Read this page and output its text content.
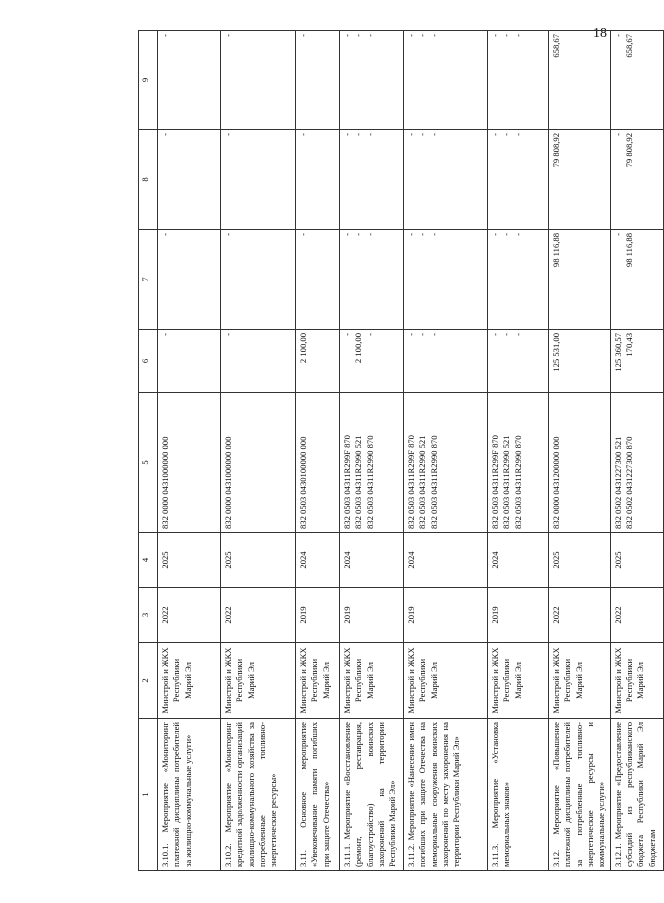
18
1	2	3	4	5	6	7	8	9
3.10.1. Мероприятие «Мониторинг платежной дисциплины потребителей за жилищно-коммунальные услуги»	Минстрой и ЖКХ Республики Марий Эл	2022	2025	832 0000 0431000000 000	-	-	-	-

3.10.2. Мероприятие «Мониторинг кредитной задолженности организаций жилищно-коммунального хозяйства за потребленные топливно-энергетические ресурсы»	Минстрой и ЖКХ Республики Марий Эл	2022	2025	832 0000 0431000000 000	-	-	-	-

3.11. Основное мероприятие «Увековечивание памяти погибших при защите Отечества»	Минстрой и ЖКХ Республики Марий Эл	2019	2024	832 0503 0430100000 000	2 100,00	-	-	-

3.11.1. Мероприятие «Восстановление (ремонт, реставрация, благоустройство) воинских захоронений на территории Республики Марий Эл»	Минстрой и ЖКХ Республики Марий Эл	2019	2024	832 0503 04311R299F 870 832 0503 04311R2990 521 832 0503 04311R2990 870	- 2 100,00 -	- - -	- - -	- - -

3.11.2. Мероприятие «Нанесение имен погибших при защите Отечества на мемориальные сооружения воинских захоронений по месту захоронения на территории Республики Марий Эл»	Минстрой и ЖКХ Республики Марий Эл	2019	2024	832 0503 04311R299F 870 832 0503 04311R2990 521 832 0503 04311R2990 870	- - -	- - -	- - -	- - -

3.11.3. Мероприятие «Установка мемориальных знаков»	Минстрой и ЖКХ Республики Марий Эл	2019	2024	832 0503 04311R299F 870 832 0503 04311R2990 521 832 0503 04311R2990 870	- - -	- - -	- - -	- - -

3.12. Мероприятие «Повышение платежной дисциплины потребителей за потребленные топливно-энергетические ресурсы и коммунальные услуги»	Минстрой и ЖКХ Республики Марий Эл	2022	2025	832 0000 0431200000 000	125 531,00	98 116,88	79 808,92	658,67

3.12.1. Мероприятие «Предоставление субсидий из республиканского бюджета Республики Марий Эл бюджетам	Минстрой и ЖКХ Республики Марий Эл	2022	2025	832 0502 0431227300 521 832 0502 0431227300 870	125 360,57 170,43	- 98 116,88	- 79 808,92	- 658,67
